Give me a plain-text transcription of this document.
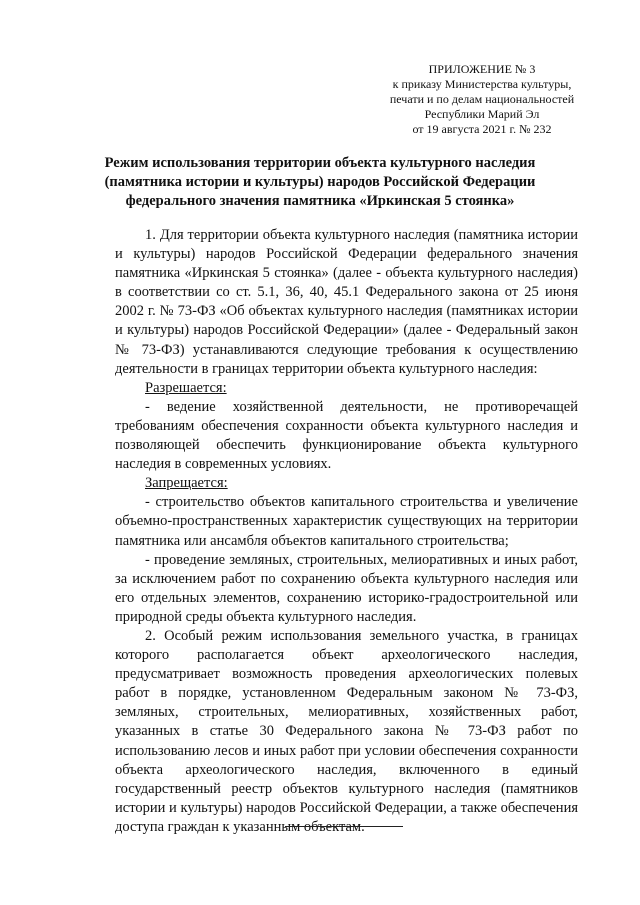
ПРИЛОЖЕНИЕ № 3
к приказу Министерства культуры,
печати и по делам национальностей
Республики Марий Эл
от 19 августа 2021 г. № 232
Режим использования территории объекта культурного наследия
(памятника истории и культуры) народов Российской Федерации
федерального значения памятника «Иркинская 5 стоянка»

1. Для территории объекта культурного наследия (памятника истории и культуры) народов Российской Федерации федерального значения памятника «Иркинская 5 стоянка» (далее - объекта культурного наследия) в соответствии со ст. 5.1, 36, 40, 45.1 Федерального закона от 25 июня 2002 г. № 73-ФЗ «Об объектах культурного наследия (памятниках истории и культуры) народов Российской Федерации» (далее - Федеральный закон № 73-ФЗ) устанавливаются следующие требования к осуществлению деятельности в границах территории объекта культурного наследия:

Разрешается:

- ведение хозяйственной деятельности, не противоречащей требованиям обеспечения сохранности объекта культурного наследия и позволяющей обеспечить функционирование объекта культурного наследия в современных условиях.

Запрещается:

- строительство объектов капитального строительства и увеличение объемно-пространственных характеристик существующих на территории памятника или ансамбля объектов капитального строительства;

- проведение земляных, строительных, мелиоративных и иных работ, за исключением работ по сохранению объекта культурного наследия или его отдельных элементов, сохранению историко-градостроительной или природной среды объекта культурного наследия.

2. Особый режим использования земельного участка, в границах которого располагается объект археологического наследия, предусматривает возможность проведения археологических полевых работ в порядке, установленном Федеральным законом № 73-ФЗ, земляных, строительных, мелиоративных, хозяйственных работ, указанных в статье 30 Федерального закона № 73-ФЗ работ по использованию лесов и иных работ при условии обеспечения сохранности объекта археологического наследия, включенного в единый государственный реестр объектов культурного наследия (памятников истории и культуры) народов Российской Федерации, а также обеспечения доступа граждан к указанным объектам.
